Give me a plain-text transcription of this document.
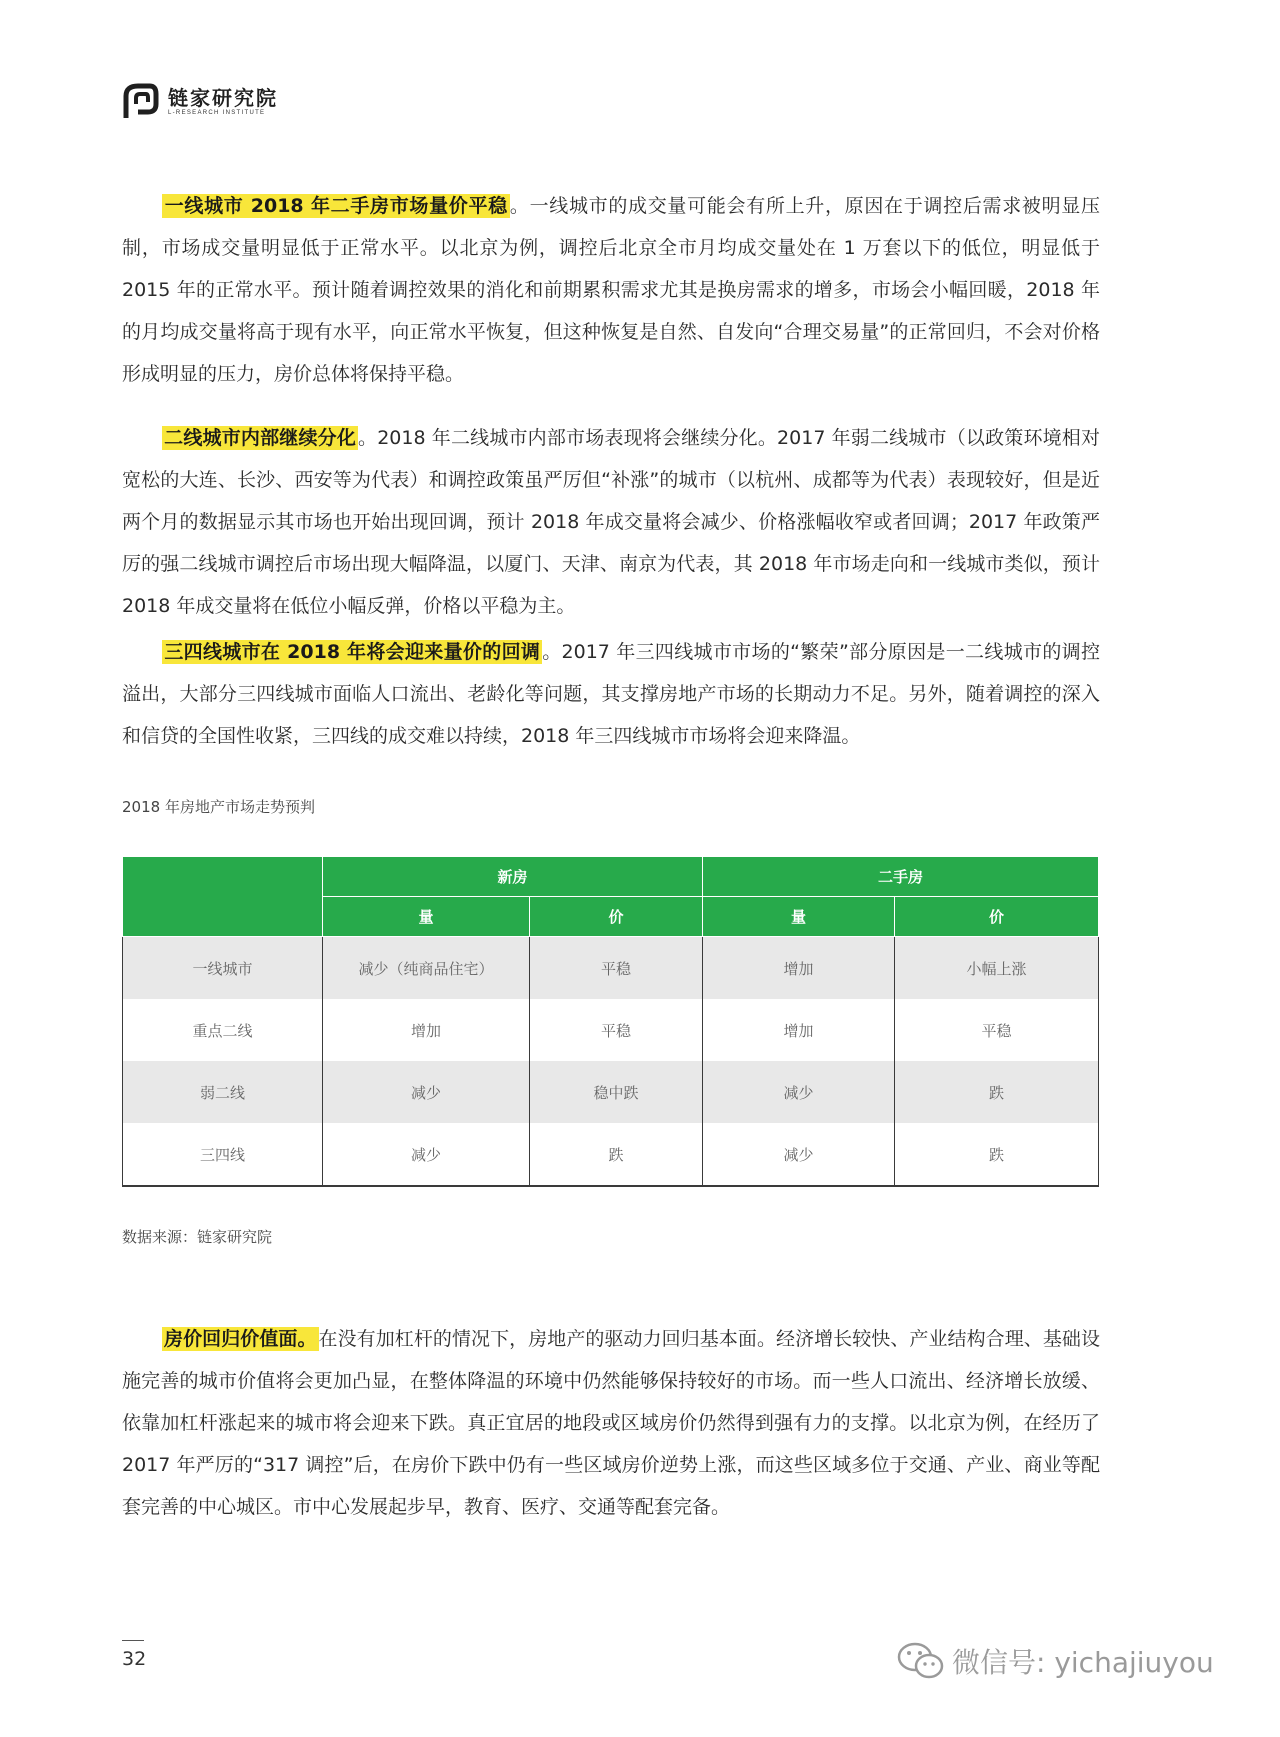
链家研究院
L-RESEARCH INSTITUTE

一线城市 2018 年二手房市场量价平稳 。一线城市的成交量可能会有所上升，原因在于调控后需求被明显压制，市场成交量明显低于正常水平。以北京为例，调控后北京全市月均成交量处在 1 万套以下的低位，明显低于 2015 年的正常水平。预计随着调控效果的消化和前期累积需求尤其是换房需求的增多，市场会小幅回暖，2018 年的月均成交量将高于现有水平，向正常水平恢复，但这种恢复是自然、自发向“合理交易量”的正常回归，不会对价格形成明显的压力，房价总体将保持平稳。

二线城市内部继续分化 。2018 年二线城市内部市场表现将会继续分化。2017 年弱二线城市（以政策环境相对宽松的大连、长沙、西安等为代表）和调控政策虽严厉但“补涨”的城市（以杭州、成都等为代表）表现较好，但是近两个月的数据显示其市场也开始出现回调，预计 2018 年成交量将会减少、价格涨幅收窄或者回调；2017 年政策严厉的强二线城市调控后市场出现大幅降温，以厦门、天津、南京为代表，其 2018 年市场走向和一线城市类似，预计 2018 年成交量将在低位小幅反弹，价格以平稳为主。

三四线城市在 2018 年将会迎来量价的回调 。2017 年三四线城市市场的“繁荣”部分原因是一二线城市的调控溢出，大部分三四线城市面临人口流出、老龄化等问题，其支撑房地产市场的长期动力不足。另外，随着调控的深入和信贷的全国性收紧，三四线的成交难以持续，2018 年三四线城市市场将会迎来降温。

2018 年房地产市场走势预判
	新房		二手房	
	量	价	量	价
一线城市	减少（纯商品住宅）	平稳	增加	小幅上涨
重点二线	增加	平稳	增加	平稳
弱二线	减少	稳中跌	减少	跌
三四线	减少	跌	减少	跌
数据来源：链家研究院

房价回归价值面。 在没有加杠杆的情况下，房地产的驱动力回归基本面。经济增长较快、产业结构合理、基础设施完善的城市价值将会更加凸显，在整体降温的环境中仍然能够保持较好的市场。而一些人口流出、经济增长放缓、依靠加杠杆涨起来的城市将会迎来下跌。真正宜居的地段或区域房价仍然得到强有力的支撑。以北京为例，在经历了 2017 年严厉的“317 调控”后，在房价下跌中仍有一些区域房价逆势上涨，而这些区域多位于交通、产业、商业等配套完善的中心城区。市中心发展起步早，教育、医疗、交通等配套完备。

32	微信号: yichajiuyou
